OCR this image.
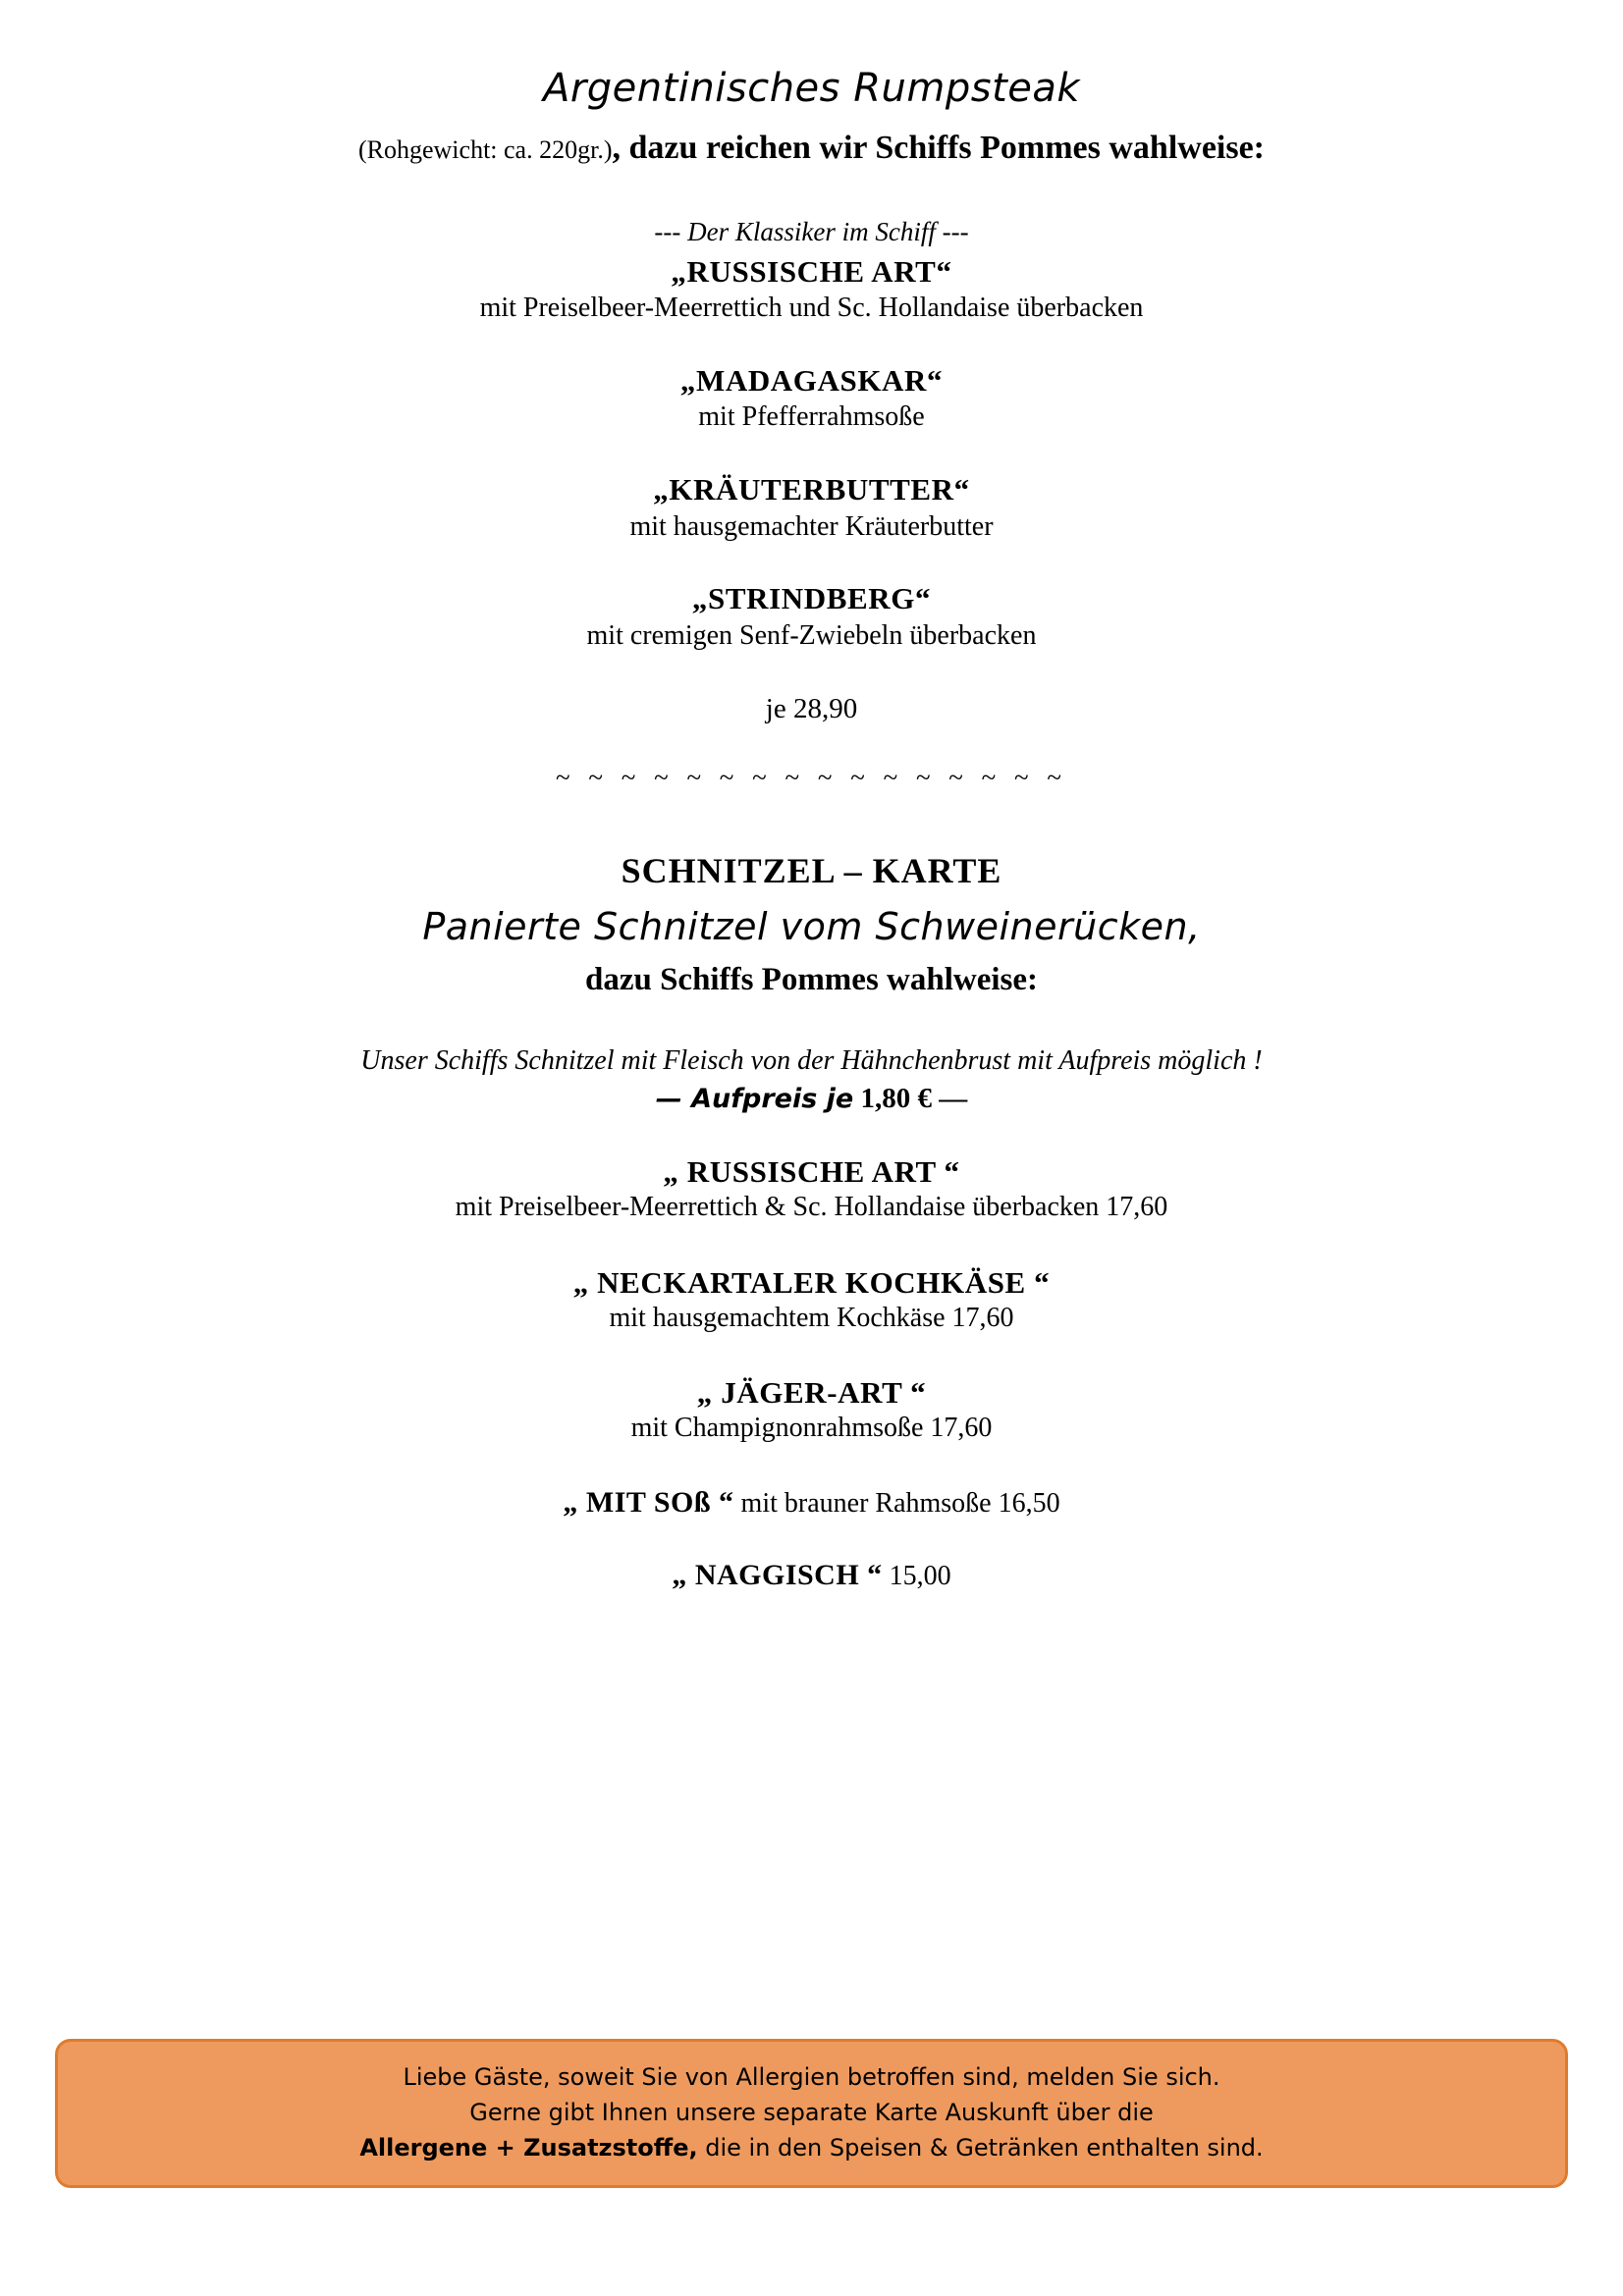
Argentinisches Rumpsteak
(Rohgewicht: ca. 220gr.), dazu reichen wir Schiffs Pommes wahlweise:
--- Der Klassiker im Schiff ---
„RUSSISCHE ART“
mit Preiselbeer-Meerrettich und Sc. Hollandaise überbacken
„MADAGASKAR“
mit Pfefferrahmsoße
„KRÄUTERBUTTER“
mit hausgemachter Kräuterbutter
„STRINDBERG“
mit cremigen Senf-Zwiebeln überbacken
je 28,90
~ ~ ~ ~ ~ ~ ~ ~ ~ ~ ~ ~ ~ ~ ~ ~
SCHNITZEL – KARTE
Panierte Schnitzel vom Schweinerücken,
dazu Schiffs Pommes wahlweise:
Unser Schiffs Schnitzel mit Fleisch von der Hähnchenbrust mit Aufpreis möglich !
— Aufpreis je 1,80 € —
„ RUSSISCHE ART “
mit Preiselbeer-Meerrettich & Sc. Hollandaise überbacken 17,60
„ NECKARTALER KOCHKÄSE “
mit hausgemachtem Kochkäse 17,60
„ JÄGER-ART “
mit Champignonrahmsoße 17,60
„ MIT SOß “ mit brauner Rahmsoße 16,50
„ NAGGISCH “ 15,00
Liebe Gäste, soweit Sie von Allergien betroffen sind, melden Sie sich.
Gerne gibt Ihnen unsere separate Karte Auskunft über die
Allergene + Zusatzstoffe, die in den Speisen & Getränken enthalten sind.
